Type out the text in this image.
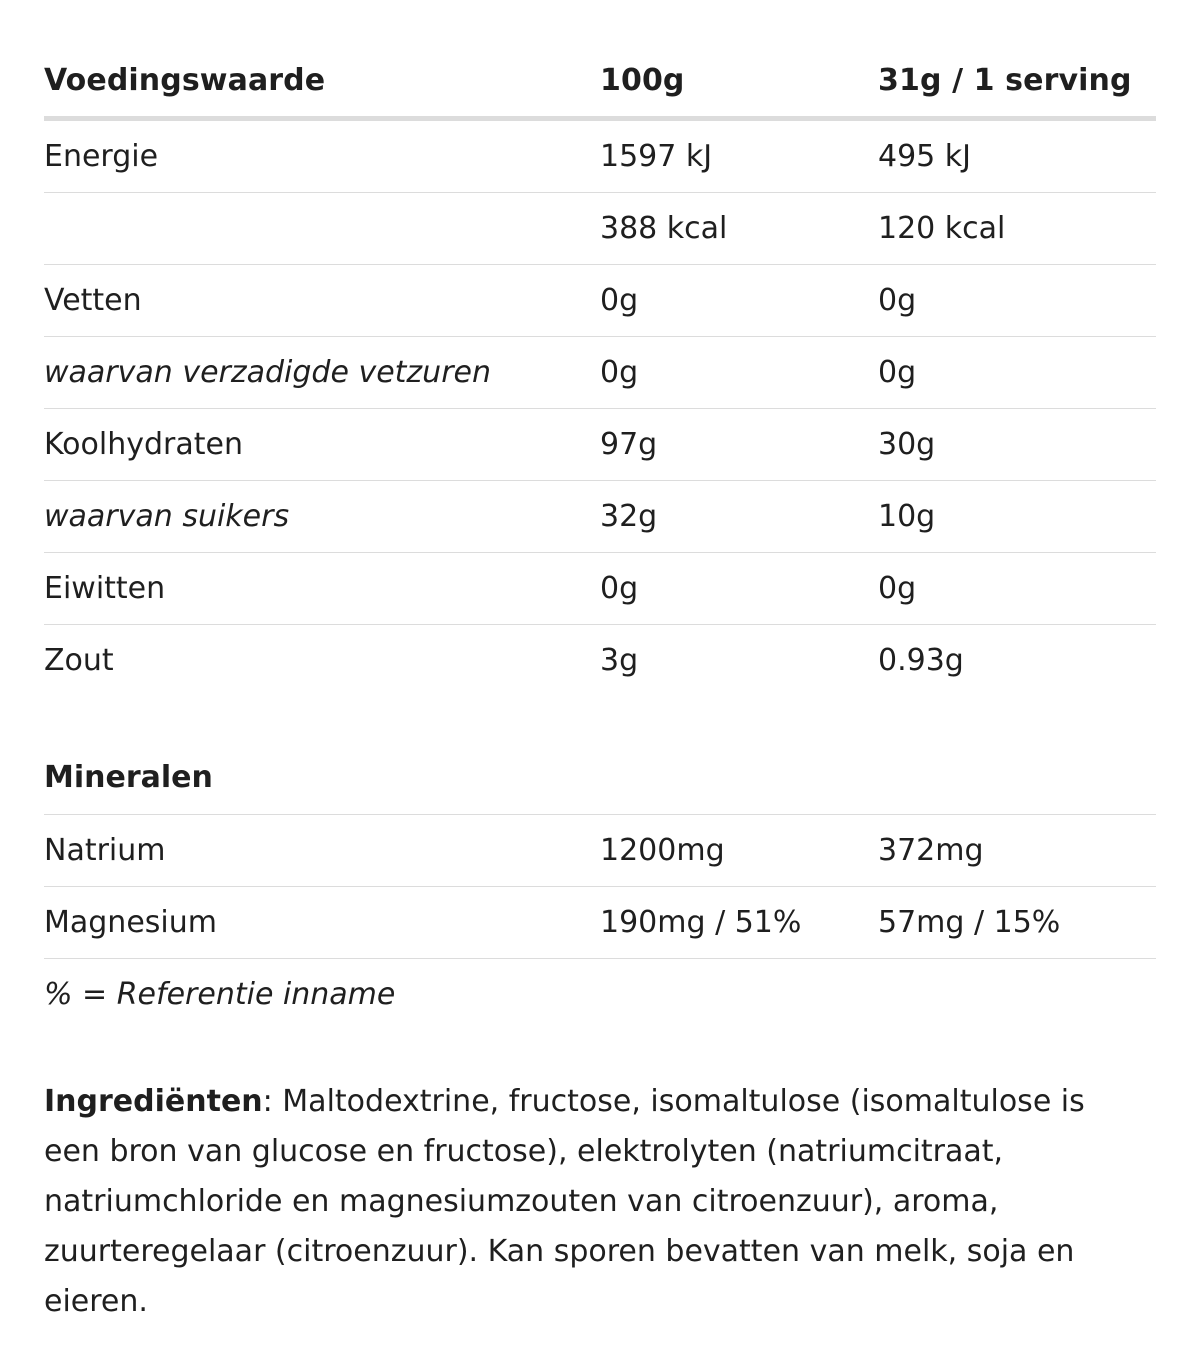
Voedingswaarde	100g	31g / 1 serving
Energie	1597 kJ	495 kJ
	388 kcal	120 kcal
Vetten	0g	0g
waarvan verzadigde vetzuren	0g	0g
Koolhydraten	97g	30g
waarvan suikers	32g	10g
Eiwitten	0g	0g
Zout	3g	0.93g
Mineralen
Natrium	1200mg	372mg
Magnesium	190mg / 51%	57mg / 15%
% = Referentie inname

Ingrediënten: Maltodextrine, fructose, isomaltulose (isomaltulose is een bron van glucose en fructose), elektrolyten (natriumcitraat, natriumchloride en magnesiumzouten van citroenzuur), aroma, zuurteregelaar (citroenzuur). Kan sporen bevatten van melk, soja en eieren.
